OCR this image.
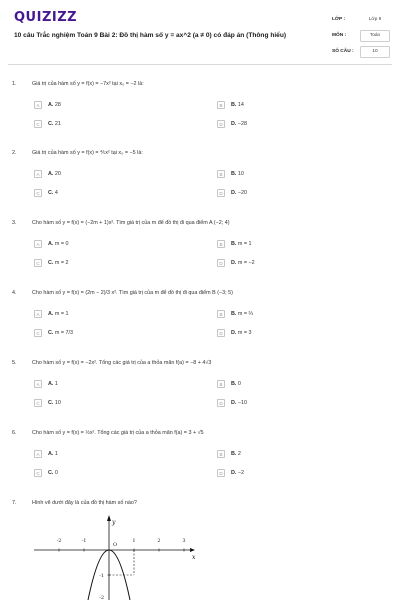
QUIZIZZ
10 câu Trắc nghiệm Toán 9 Bài 2: Đồ thị hàm số y = ax^2 (a ≠ 0) có đáp án (Thông hiểu)
LỚP :	Lớp 9
MÔN :	Toán
SỐ CÂU :	10
1.	Giá trị của hàm số y = f(x) = −7x² tại x₀ = −2 là:
A	A. 28	B	B. 14
C	C. 21	D	D. −28
2.	Giá trị của hàm số y = f(x) = ⅘x² tại x₀ = −5 là:
A	A. 20	B	B. 10
C	C. 4	D	D. −20
3.	Cho hàm số y = f(x) = (−2m + 1)x². Tìm giá trị của m để đồ thị đi qua điểm A (−2; 4)
A	A. m = 0	B	B. m = 1
C	C. m = 2	D	D. m = −2
4.	Cho hàm số y = f(x) = (2m − 2)/3 x². Tìm giá trị của m để đồ thị đi qua điểm B (−3; 5)
A	A. m = 1	B	B. m = ⅔
C	C. m = 7/3	D	D. m = 3
5.	Cho hàm số y = f(x) = −2x². Tổng các giá trị của a thỏa mãn f(a) = −8 + 4√3
A	A. 1	B	B. 0
C	C. 10	D	D. −10
6.	Cho hàm số y = f(x) = ½x². Tổng các giá trị của a thỏa mãn f(a) = 3 + √5
A	A. 1	B	B. 2
C	C. 0	D	D. −2
7.	Hình vẽ dưới đây là của đồ thị hàm số nào?
-2	-1
O
1	2	3
x
y
-1
-2
